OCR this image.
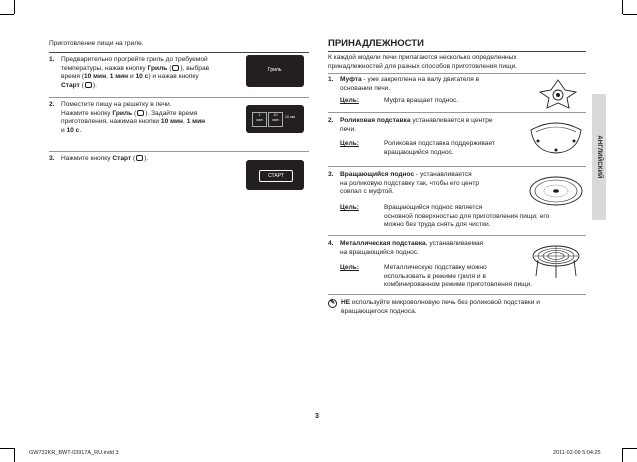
Приготовление пищи на гриле.
1. Предварительно прогрейте гриль до требуемой
температуры, нажав кнопку Гриль ( ), выбрав
время (10 мин, 1 мин и 10 с) и нажав кнопку
Старт ( ).
Гриль
2. Поместите пищу на решетку в печи.
Нажмите кнопку Гриль ( ). Задайте время
приготовления, нажимая кнопки 10 мин, 1 мин
и 10 с.
1
мин
10
мин
10 сек
3. Нажмите кнопку Старт ( ).
СТАРТ
ПРИНАДЛЕЖНОСТИ
К каждой модели печи прилагаются несколько определенных
принадлежностей для разных способов приготовления пищи.
1. Муфта - уже закреплена на валу двигателя в
основании печи.
Цель:	Муфта вращает поднос.
2. Роликовая подставка устанавливается в центре
печи.
Цель:	Роликовая подставка поддерживает
вращающийся поднос.
3. Вращающийся поднос - устанавливается
на роликовую подставку так, чтобы его центр
совпал с муфтой.
Цель:	Вращающийся поднос является
основной поверхностью для приготовления пищи; его
можно без труда снять для чистки.
4. Металлическая подставка, устанавливаемая
на вращающийся поднос.
Цель:	Металлическую подставку можно
использовать в режиме гриля и в
комбинированном режиме приготовления пищи.
✎ НЕ используйте микроволновую печь без роликовой подставки и
вращающегося подноса.
АНГЛИЙСКИЙ
3
GW732KR_BWT-03917A_RU.indd 3	2011-02-09 5:04:25
